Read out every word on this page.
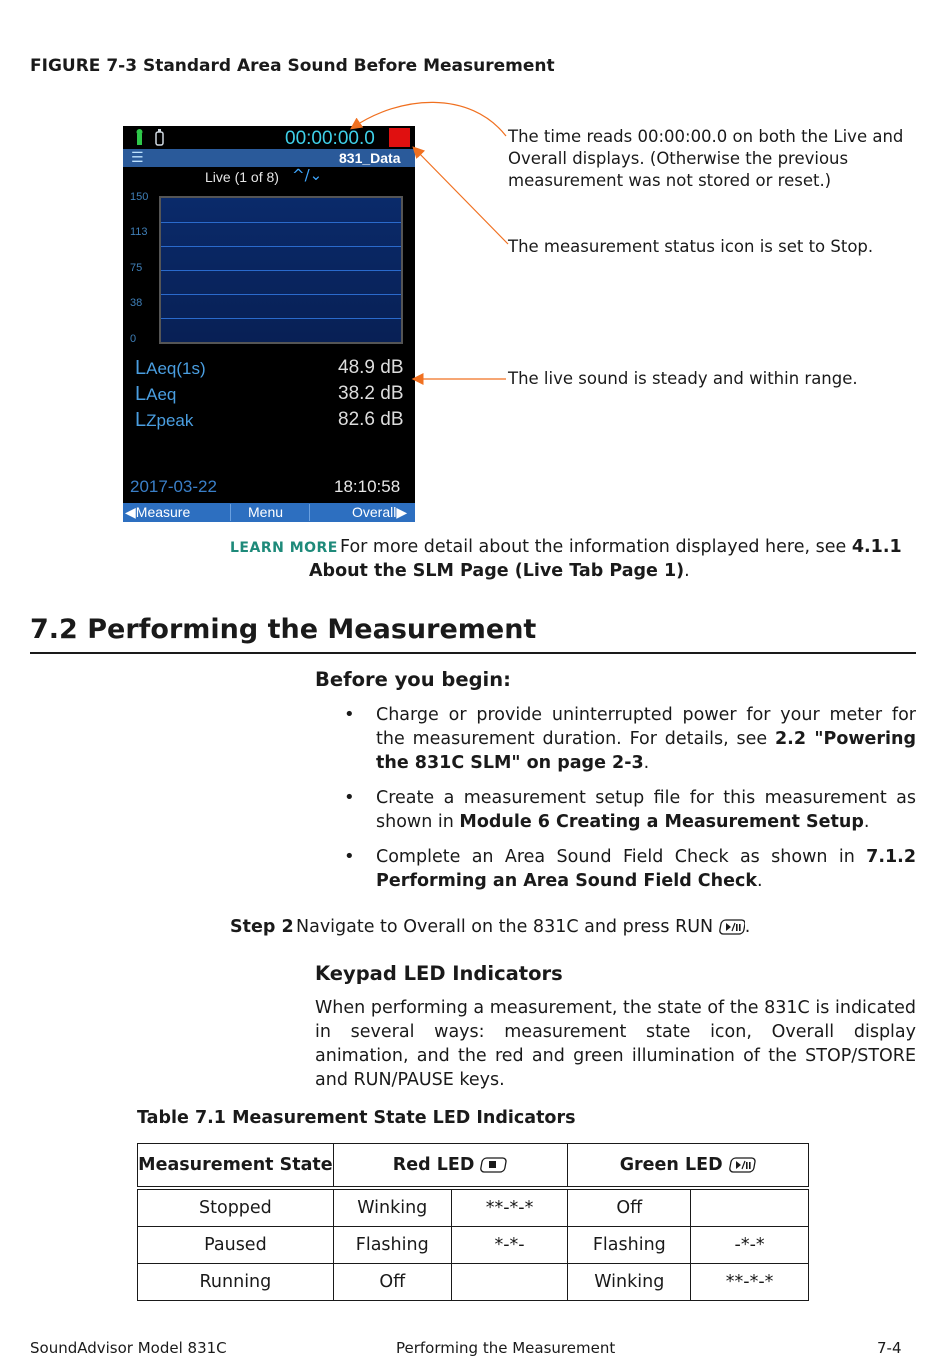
FIGURE 7-3 Standard Area Sound Before Measurement
00:00:00.0
☰	831_Data
Live (1 of 8) ^/⌄
150
113
75
38
0
LAeq(1s)	48.9 dB
LAeq	38.2 dB
LZpeak	82.6 dB
2017-03-22	18:10:58
◀Measure	Menu	Overall▶
The time reads 00:00:00.0 on both the Live and Overall displays. (Otherwise the previous measurement was not stored or reset.)
The measurement status icon is set to Stop.
The live sound is steady and within range.
LEARN MORE For more detail about the information displayed here, see 4.1.1
About the SLM Page (Live Tab Page 1).
7.2 Performing the Measurement
Before you begin:
• Charge or provide uninterrupted power for your meter for the measurement duration. For details, see 2.2 "Powering the 831C SLM" on page 2-3.
• Create a measurement setup file for this measurement as shown in Module 6 Creating a Measurement Setup.
• Complete an Area Sound Field Check as shown in 7.1.2 Performing an Area Sound Field Check.
Step 2 Navigate to Overall on the 831C and press RUN .
Keypad LED Indicators
When performing a measurement, the state of the 831C is indicated in several ways: measurement state icon, Overall display animation, and the red and green illumination of the STOP/STORE and RUN/PAUSE keys.
Table 7.1 Measurement State LED Indicators
Measurement State	Red LED		Green LED	
Stopped	Winking	**-*-*	Off	
Paused	Flashing	*-*-	Flashing	-*-*
Running	Off		Winking	**-*-*
SoundAdvisor Model 831C	Performing the Measurement	7-4
